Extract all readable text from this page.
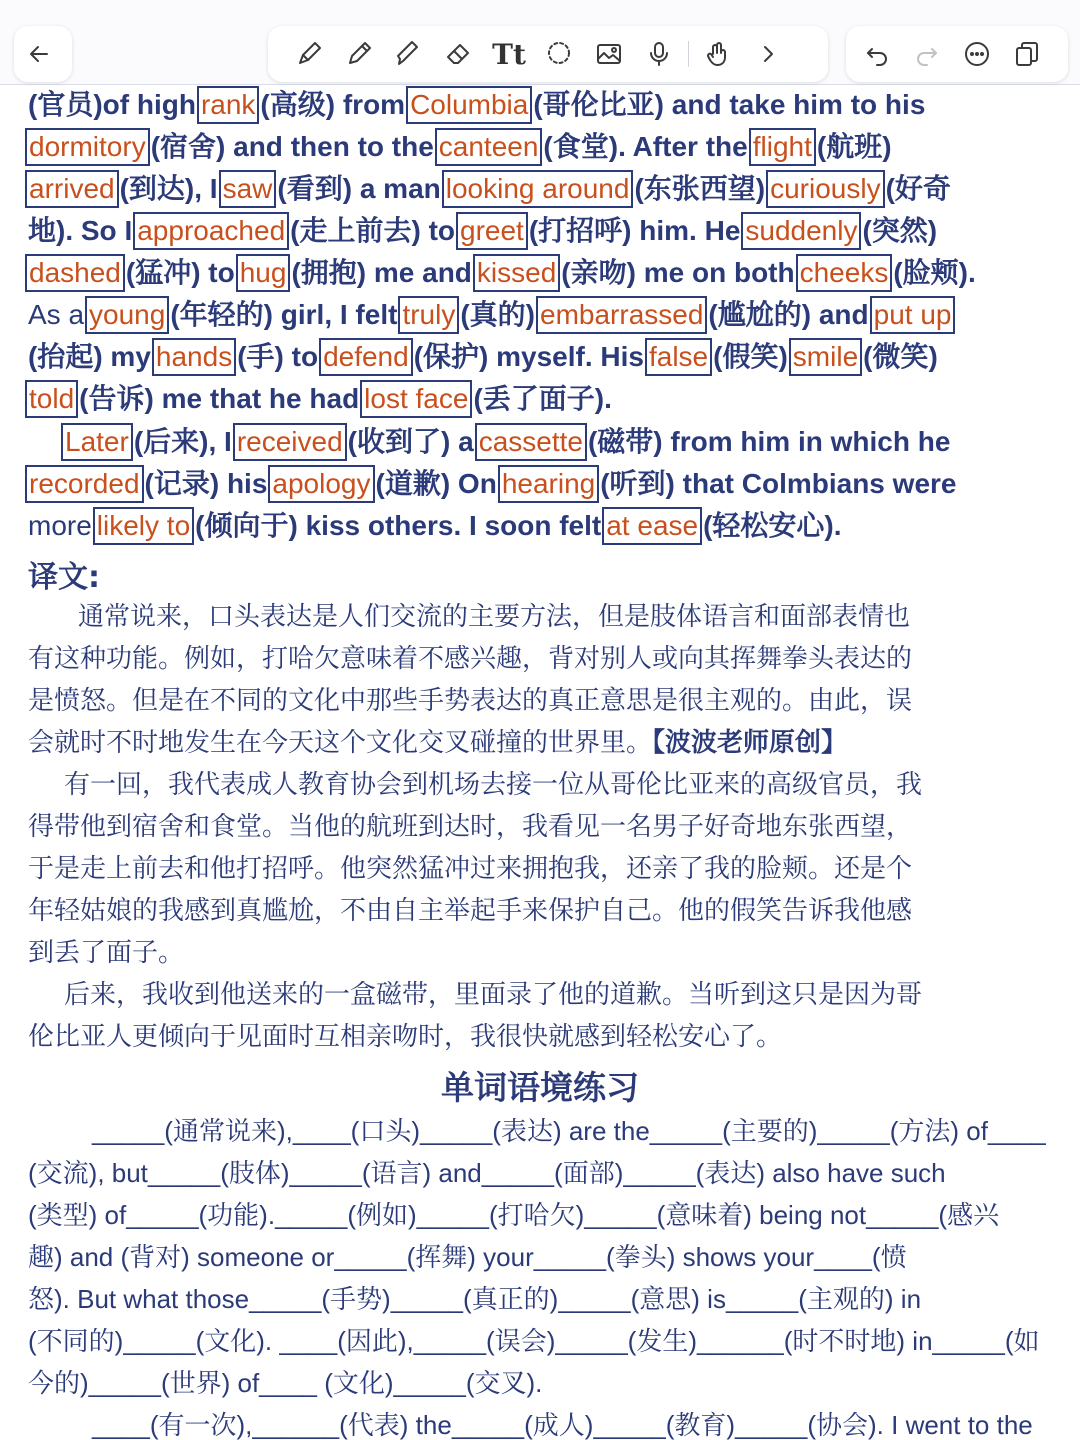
Tt
(官员)of high rank (高级) from Columbia (哥伦比亚) and take him to his
dormitory (宿舍) and then to the canteen (食堂). After the flight (航班)
arrived (到达), I saw (看到) a man looking around (东张西望) curiously (好奇
地). So I approached (走上前去) to greet (打招呼) him. He suddenly (突然)
dashed (猛冲) to hug (拥抱) me and kissed (亲吻) me on both cheeks (脸颊).
As a young (年轻的) girl, I felt truly (真的) embarrassed (尴尬的) and put up
(抬起) my hands (手) to defend (保护) myself. His false (假笑) smile (微笑)
told (告诉) me that he had lost face (丢了面子).
Later (后来), I received (收到了) a cassette (磁带) from him in which he
recorded (记录) his apology (道歉) On hearing (听到) that Colmbians were
more likely to (倾向于) kiss others. I soon felt at ease (轻松安心).
译文:
通常说来，口头表达是人们交流的主要方法，但是肢体语言和面部表情也
有这种功能。例如，打哈欠意味着不感兴趣，背对别人或向其挥舞拳头表达的
是愤怒。但是在不同的文化中那些手势表达的真正意思是很主观的。由此，误
会就时不时地发生在今天这个文化交叉碰撞的世界里。【波波老师原创】
有一回，我代表成人教育协会到机场去接一位从哥伦比亚来的高级官员，我
得带他到宿舍和食堂。当他的航班到达时，我看见一名男子好奇地东张西望，
于是走上前去和他打招呼。他突然猛冲过来拥抱我，还亲了我的脸颊。还是个
年轻姑娘的我感到真尴尬，不由自主举起手来保护自己。他的假笑告诉我他感
到丢了面子。
后来，我收到他送来的一盒磁带，里面录了他的道歉。当听到这只是因为哥
伦比亚人更倾向于见面时互相亲吻时，我很快就感到轻松安心了。
单词语境练习
_____(通常说来),____(口头)_____(表达) are the_____(主要的)_____(方法) of____
(交流), but_____(肢体)_____(语言) and_____(面部)_____(表达) also have such
(类型) of_____(功能)._____(例如)_____(打哈欠)_____(意味着) being not_____(感兴
趣) and (背对) someone or_____(挥舞) your_____(拳头) shows your____(愤
怒). But what those_____(手势)_____(真正的)_____(意思) is_____(主观的) in
(不同的)_____(文化). ____(因此),_____(误会)_____(发生)______(时不时地) in_____(如
今的)_____(世界) of____ (文化)_____(交叉).
____(有一次),______(代表) the_____(成人)_____(教育)_____(协会). I went to the
